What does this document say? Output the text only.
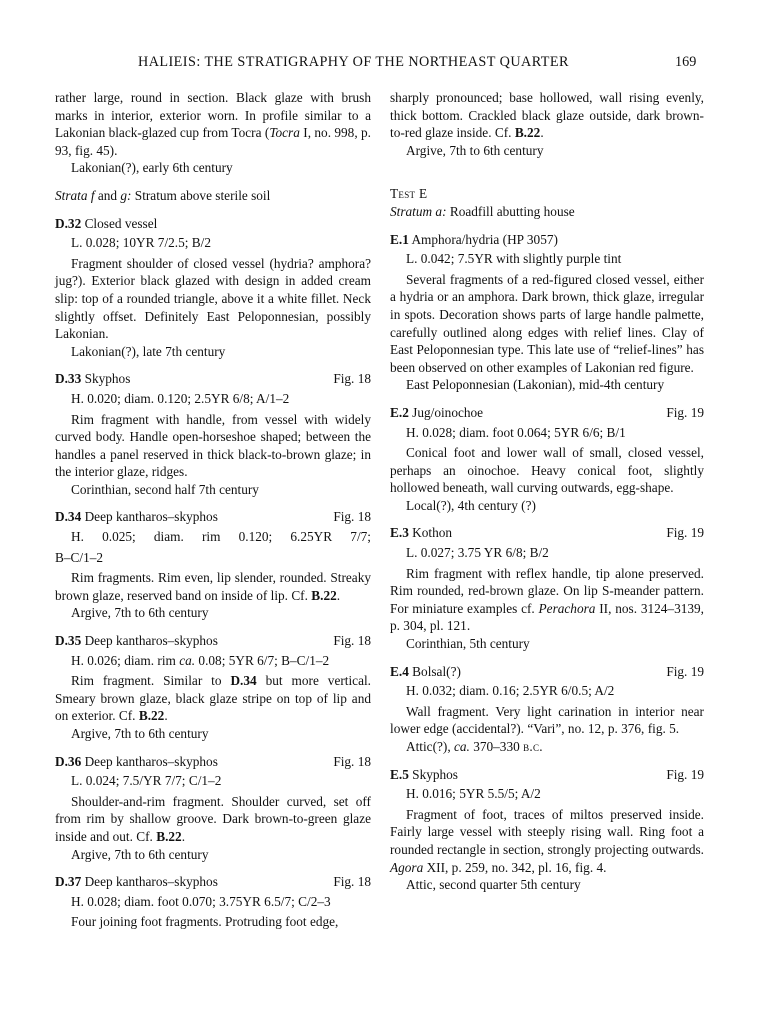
HALIEIS: THE STRATIGRAPHY OF THE NORTHEAST QUARTER	169

rather large, round in section. Black glaze with brush marks in interior, exterior worn. In profile similar to a Lakonian black-glazed cup from Tocra (Tocra I, no. 998, p. 93, fig. 45).

Lakonian(?), early 6th century

Strata f and g: Stratum above sterile soil

D.32 Closed vessel

L. 0.028; 10YR 7/2.5; B/2

Fragment shoulder of closed vessel (hydria? amphora? jug?). Exterior black glazed with design in added cream slip: top of a rounded triangle, above it a white fillet. Neck slightly offset. Definitely East Peloponnesian, possibly Lakonian.

Lakonian(?), late 7th century

D.33 Skyphos	Fig. 18

H. 0.020; diam. 0.120; 2.5YR 6/8; A/1–2

Rim fragment with handle, from vessel with widely curved body. Handle open-horseshoe shaped; between the handles a panel reserved in thick black-to-brown glaze; in the interior glaze, ridges.

Corinthian, second half 7th century

D.34 Deep kantharos–skyphos	Fig. 18

H. 0.025; diam. rim 0.120; 6.25YR 7/7;

B–C/1–2

Rim fragments. Rim even, lip slender, rounded. Streaky brown glaze, reserved band on inside of lip. Cf. B.22.

Argive, 7th to 6th century

D.35 Deep kantharos–skyphos	Fig. 18

H. 0.026; diam. rim ca. 0.08; 5YR 6/7; B–C/1–2

Rim fragment. Similar to D.34 but more vertical. Smeary brown glaze, black glaze stripe on top of lip and on exterior. Cf. B.22.

Argive, 7th to 6th century

D.36 Deep kantharos–skyphos	Fig. 18

L. 0.024; 7.5/YR 7/7; C/1–2

Shoulder-and-rim fragment. Shoulder curved, set off from rim by shallow groove. Dark brown-to-green glaze inside and out. Cf. B.22.

Argive, 7th to 6th century

D.37 Deep kantharos–skyphos	Fig. 18

H. 0.028; diam. foot 0.070; 3.75YR 6.5/7; C/2–3

Four joining foot fragments. Protruding foot edge,

sharply pronounced; base hollowed, wall rising evenly, thick bottom. Crackled black glaze outside, dark brown-to-red glaze inside. Cf. B.22.

Argive, 7th to 6th century

Test E

Stratum a: Roadfill abutting house

E.1 Amphora/hydria (HP 3057)

L. 0.042; 7.5YR with slightly purple tint

Several fragments of a red-figured closed vessel, either a hydria or an amphora. Dark brown, thick glaze, irregular in spots. Decoration shows parts of large handle palmette, carefully outlined along edges with relief lines. Clay of East Peloponnesian type. This late use of “relief-lines” has been observed on other examples of Lakonian red figure.

East Peloponnesian (Lakonian), mid-4th century

E.2 Jug/oinochoe	Fig. 19

H. 0.028; diam. foot 0.064; 5YR 6/6; B/1

Conical foot and lower wall of small, closed vessel, perhaps an oinochoe. Heavy conical foot, slightly hollowed beneath, wall curving outwards, egg-shape.

Local(?), 4th century (?)

E.3 Kothon	Fig. 19

L. 0.027; 3.75 YR 6/8; B/2

Rim fragment with reflex handle, tip alone preserved. Rim rounded, red-brown glaze. On lip S-meander pattern. For miniature examples cf. Perachora II, nos. 3124–3139, p. 304, pl. 121.

Corinthian, 5th century

E.4 Bolsal(?)	Fig. 19

H. 0.032; diam. 0.16; 2.5YR 6/0.5; A/2

Wall fragment. Very light carination in interior near lower edge (accidental?). “Vari”, no. 12, p. 376, fig. 5.

Attic(?), ca. 370–330 b.c.

E.5 Skyphos	Fig. 19

H. 0.016; 5YR 5.5/5; A/2

Fragment of foot, traces of miltos preserved inside. Fairly large vessel with steeply rising wall. Ring foot a rounded rectangle in section, strongly projecting outwards. Agora XII, p. 259, no. 342, pl. 16, fig. 4.

Attic, second quarter 5th century
